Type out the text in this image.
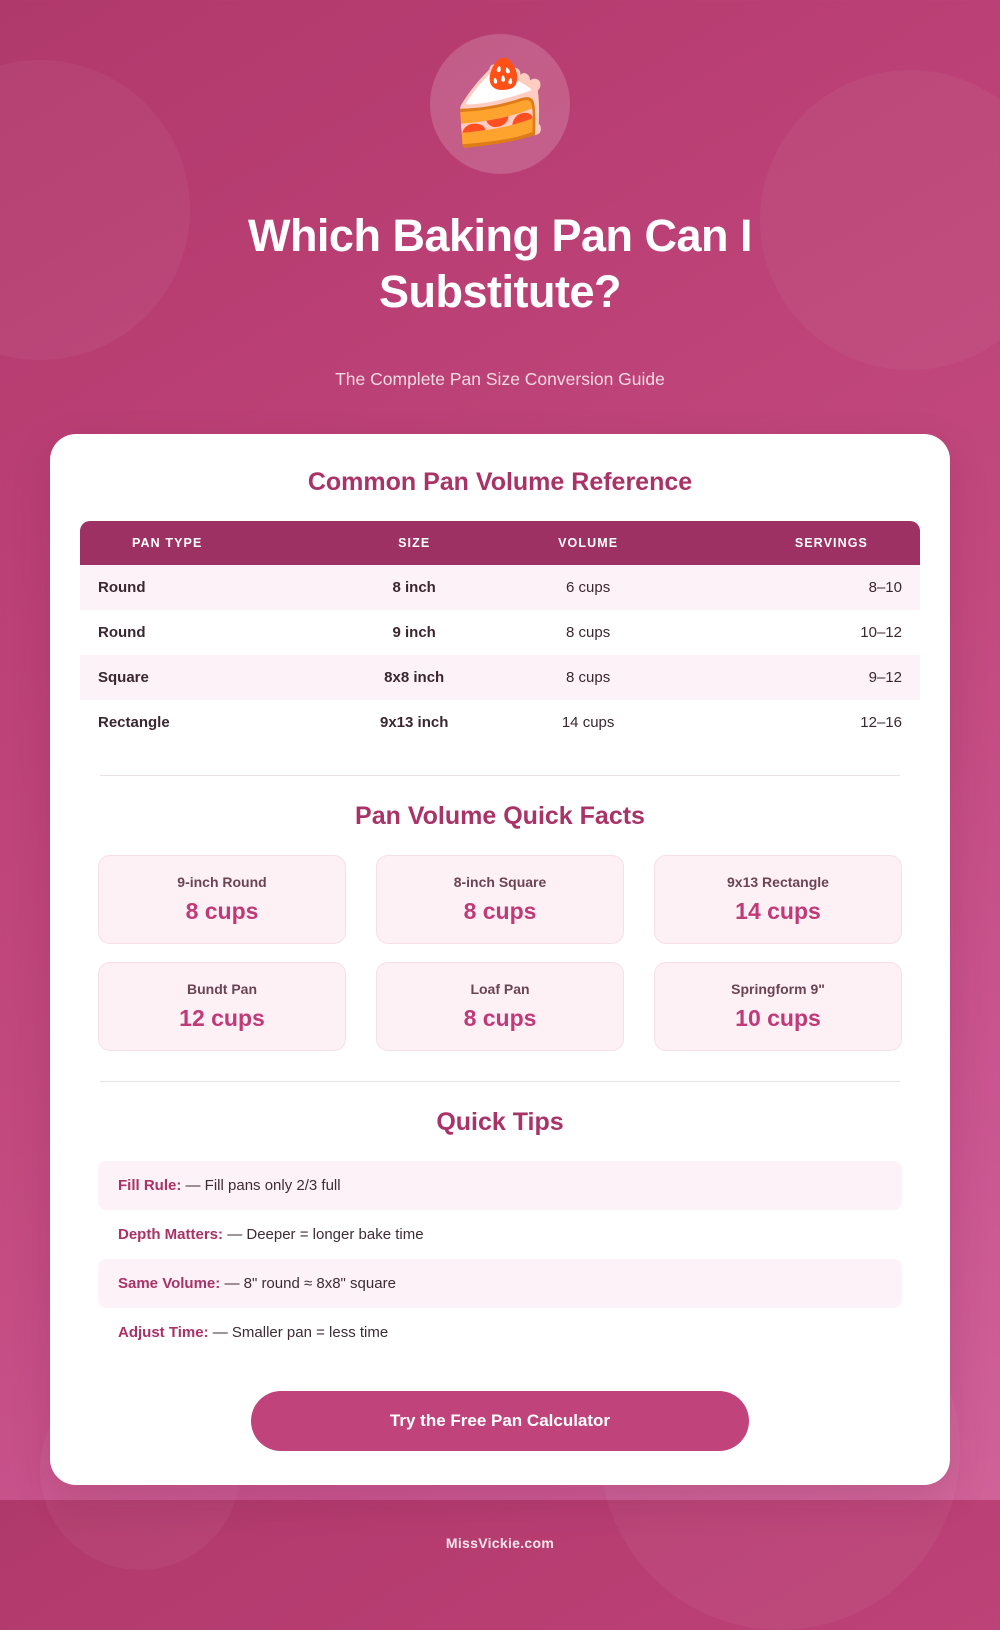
🍰
Which Baking Pan Can I Substitute?
The Complete Pan Size Conversion Guide
Common Pan Volume Reference
PAN TYPE	SIZE	VOLUME	SERVINGS
Round	8 inch	6 cups	8–10
Round	9 inch	8 cups	10–12
Square	8x8 inch	8 cups	9–12
Rectangle	9x13 inch	14 cups	12–16
Pan Volume Quick Facts
9-inch Round
8 cups
8-inch Square
8 cups
9x13 Rectangle
14 cups
Bundt Pan
12 cups
Loaf Pan
8 cups
Springform 9"
10 cups
Quick Tips
Fill Rule: — Fill pans only 2/3 full
Depth Matters: — Deeper = longer bake time
Same Volume: — 8" round ≈ 8x8" square
Adjust Time: — Smaller pan = less time
Try the Free Pan Calculator
MissVickie.com
